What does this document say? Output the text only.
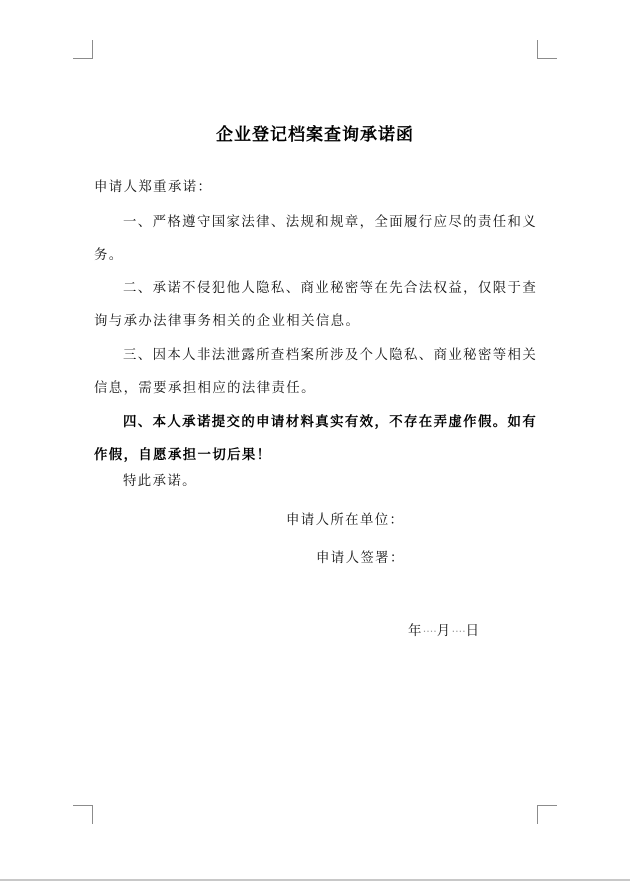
企业登记档案查询承诺函
申请人郑重承诺：
一、严格遵守国家法律、法规和规章，全面履行应尽的责任和义
务。
二、承诺不侵犯他人隐私、商业秘密等在先合法权益，仅限于查
询与承办法律事务相关的企业相关信息。
三、因本人非法泄露所查档案所涉及个人隐私、商业秘密等相关
信息，需要承担相应的法律责任。
四、本人承诺提交的申请材料真实有效，不存在弄虚作假。如有
作假，自愿承担一切后果！
特此承诺。
申请人所在单位：
申请人签署：
年····月····日
